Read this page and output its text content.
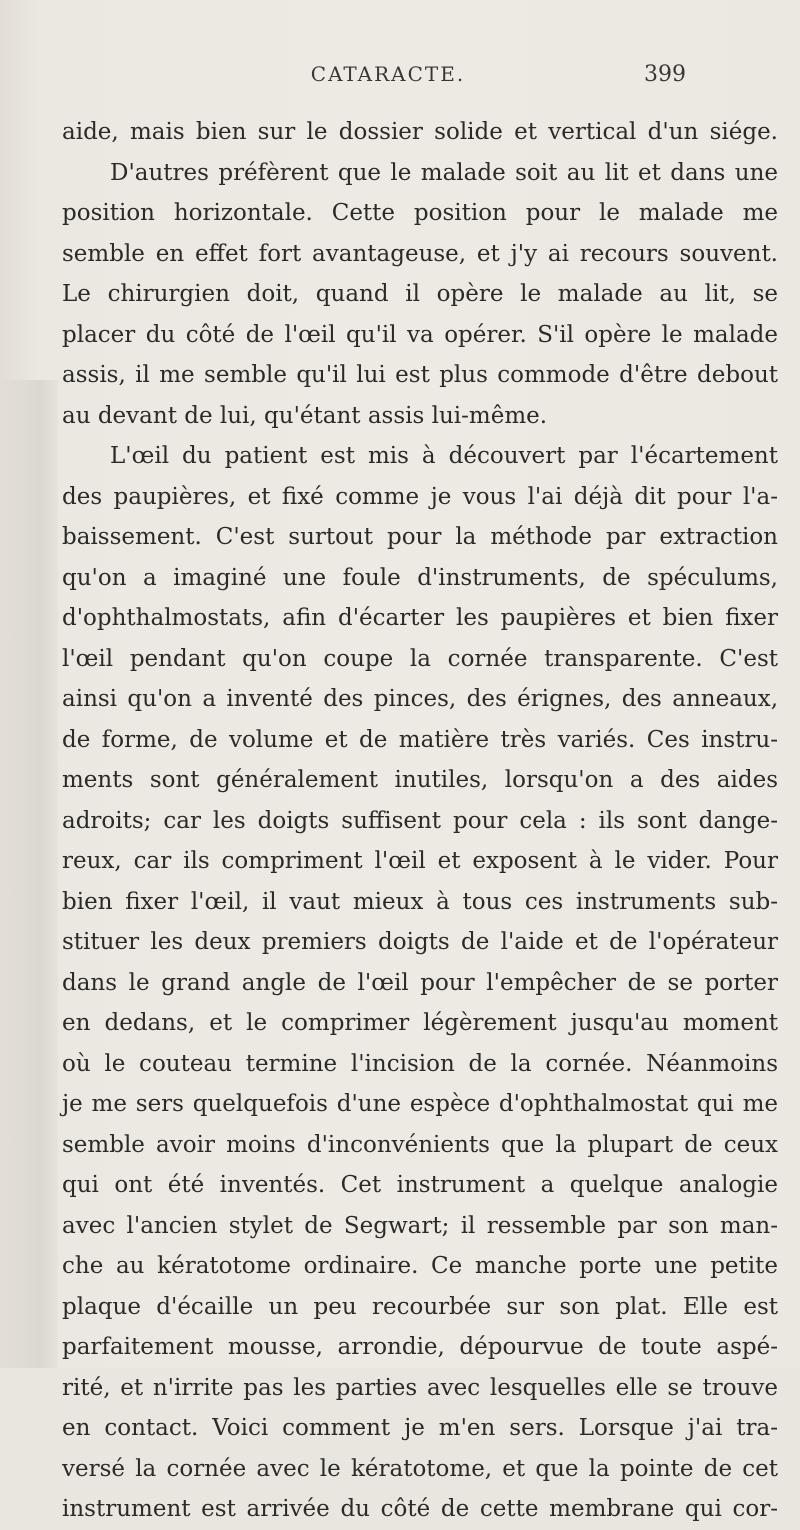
CATARACTE.	399
aide, mais bien sur le dossier solide et vertical d'un siége.
D'autres préfèrent que le malade soit au lit et dans une
position horizontale. Cette position pour le malade me
semble en effet fort avantageuse, et j'y ai recours souvent.
Le chirurgien doit, quand il opère le malade au lit, se
placer du côté de l'œil qu'il va opérer. S'il opère le malade
assis, il me semble qu'il lui est plus commode d'être debout
au devant de lui, qu'étant assis lui-même.
L'œil du patient est mis à découvert par l'écartement
des paupières, et fixé comme je vous l'ai déjà dit pour l'a-
baissement. C'est surtout pour la méthode par extraction
qu'on a imaginé une foule d'instruments, de spéculums,
d'ophthalmostats, afin d'écarter les paupières et bien fixer
l'œil pendant qu'on coupe la cornée transparente. C'est
ainsi qu'on a inventé des pinces, des érignes, des anneaux,
de forme, de volume et de matière très variés. Ces instru-
ments sont généralement inutiles, lorsqu'on a des aides
adroits; car les doigts suffisent pour cela : ils sont dange-
reux, car ils compriment l'œil et exposent à le vider. Pour
bien fixer l'œil, il vaut mieux à tous ces instruments sub-
stituer les deux premiers doigts de l'aide et de l'opérateur
dans le grand angle de l'œil pour l'empêcher de se porter
en dedans, et le comprimer légèrement jusqu'au moment
où le couteau termine l'incision de la cornée. Néanmoins
je me sers quelquefois d'une espèce d'ophthalmostat qui me
semble avoir moins d'inconvénients que la plupart de ceux
qui ont été inventés. Cet instrument a quelque analogie
avec l'ancien stylet de Segwart; il ressemble par son man-
che au kératotome ordinaire. Ce manche porte une petite
plaque d'écaille un peu recourbée sur son plat. Elle est
parfaitement mousse, arrondie, dépourvue de toute aspé-
rité, et n'irrite pas les parties avec lesquelles elle se trouve
en contact. Voici comment je m'en sers. Lorsque j'ai tra-
versé la cornée avec le kératotome, et que la pointe de cet
instrument est arrivée du côté de cette membrane qui cor-
